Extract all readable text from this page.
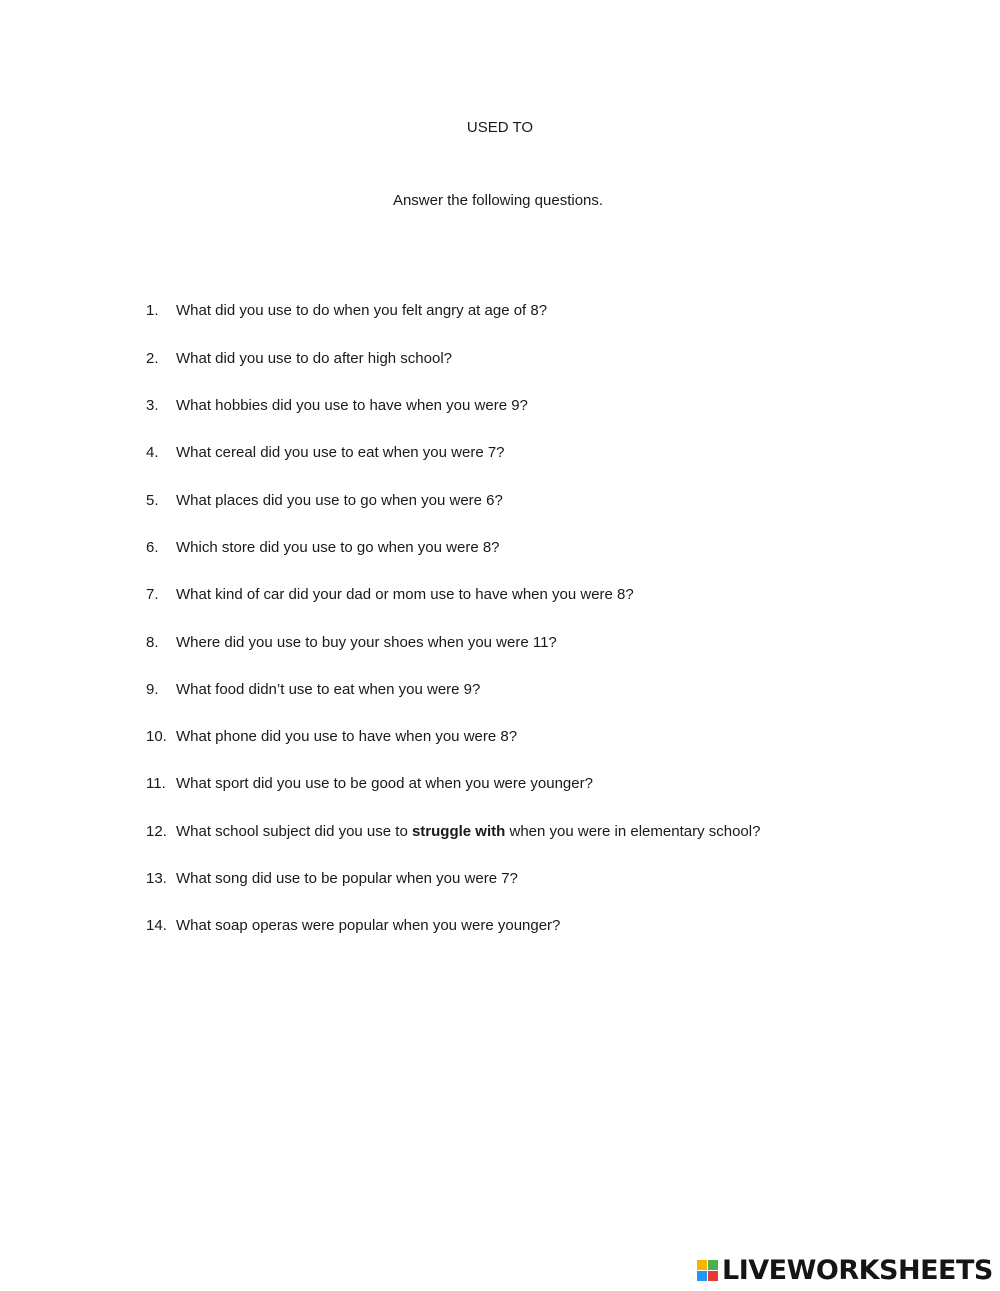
USED TO
Answer the following questions.
1. What did you use to do when you felt angry at age of 8?
2. What did you use to do after high school?
3. What hobbies did you use to have when you were 9?
4. What cereal did you use to eat when you were 7?
5. What places did you use to go when you were 6?
6. Which store did you use to go when you were 8?
7. What kind of car did your dad or mom use to have when you were 8?
8. Where did you use to buy your shoes when you were 11?
9. What food didn’t use to eat when you were 9?
10. What phone did you use to have when you were 8?
11. What sport did you use to be good at when you were younger?
12. What school subject did you use to struggle with when you were in elementary school?
13. What song did use to be popular when you were 7?
14. What soap operas were popular when you were younger?
LIVEWORKSHEETS
